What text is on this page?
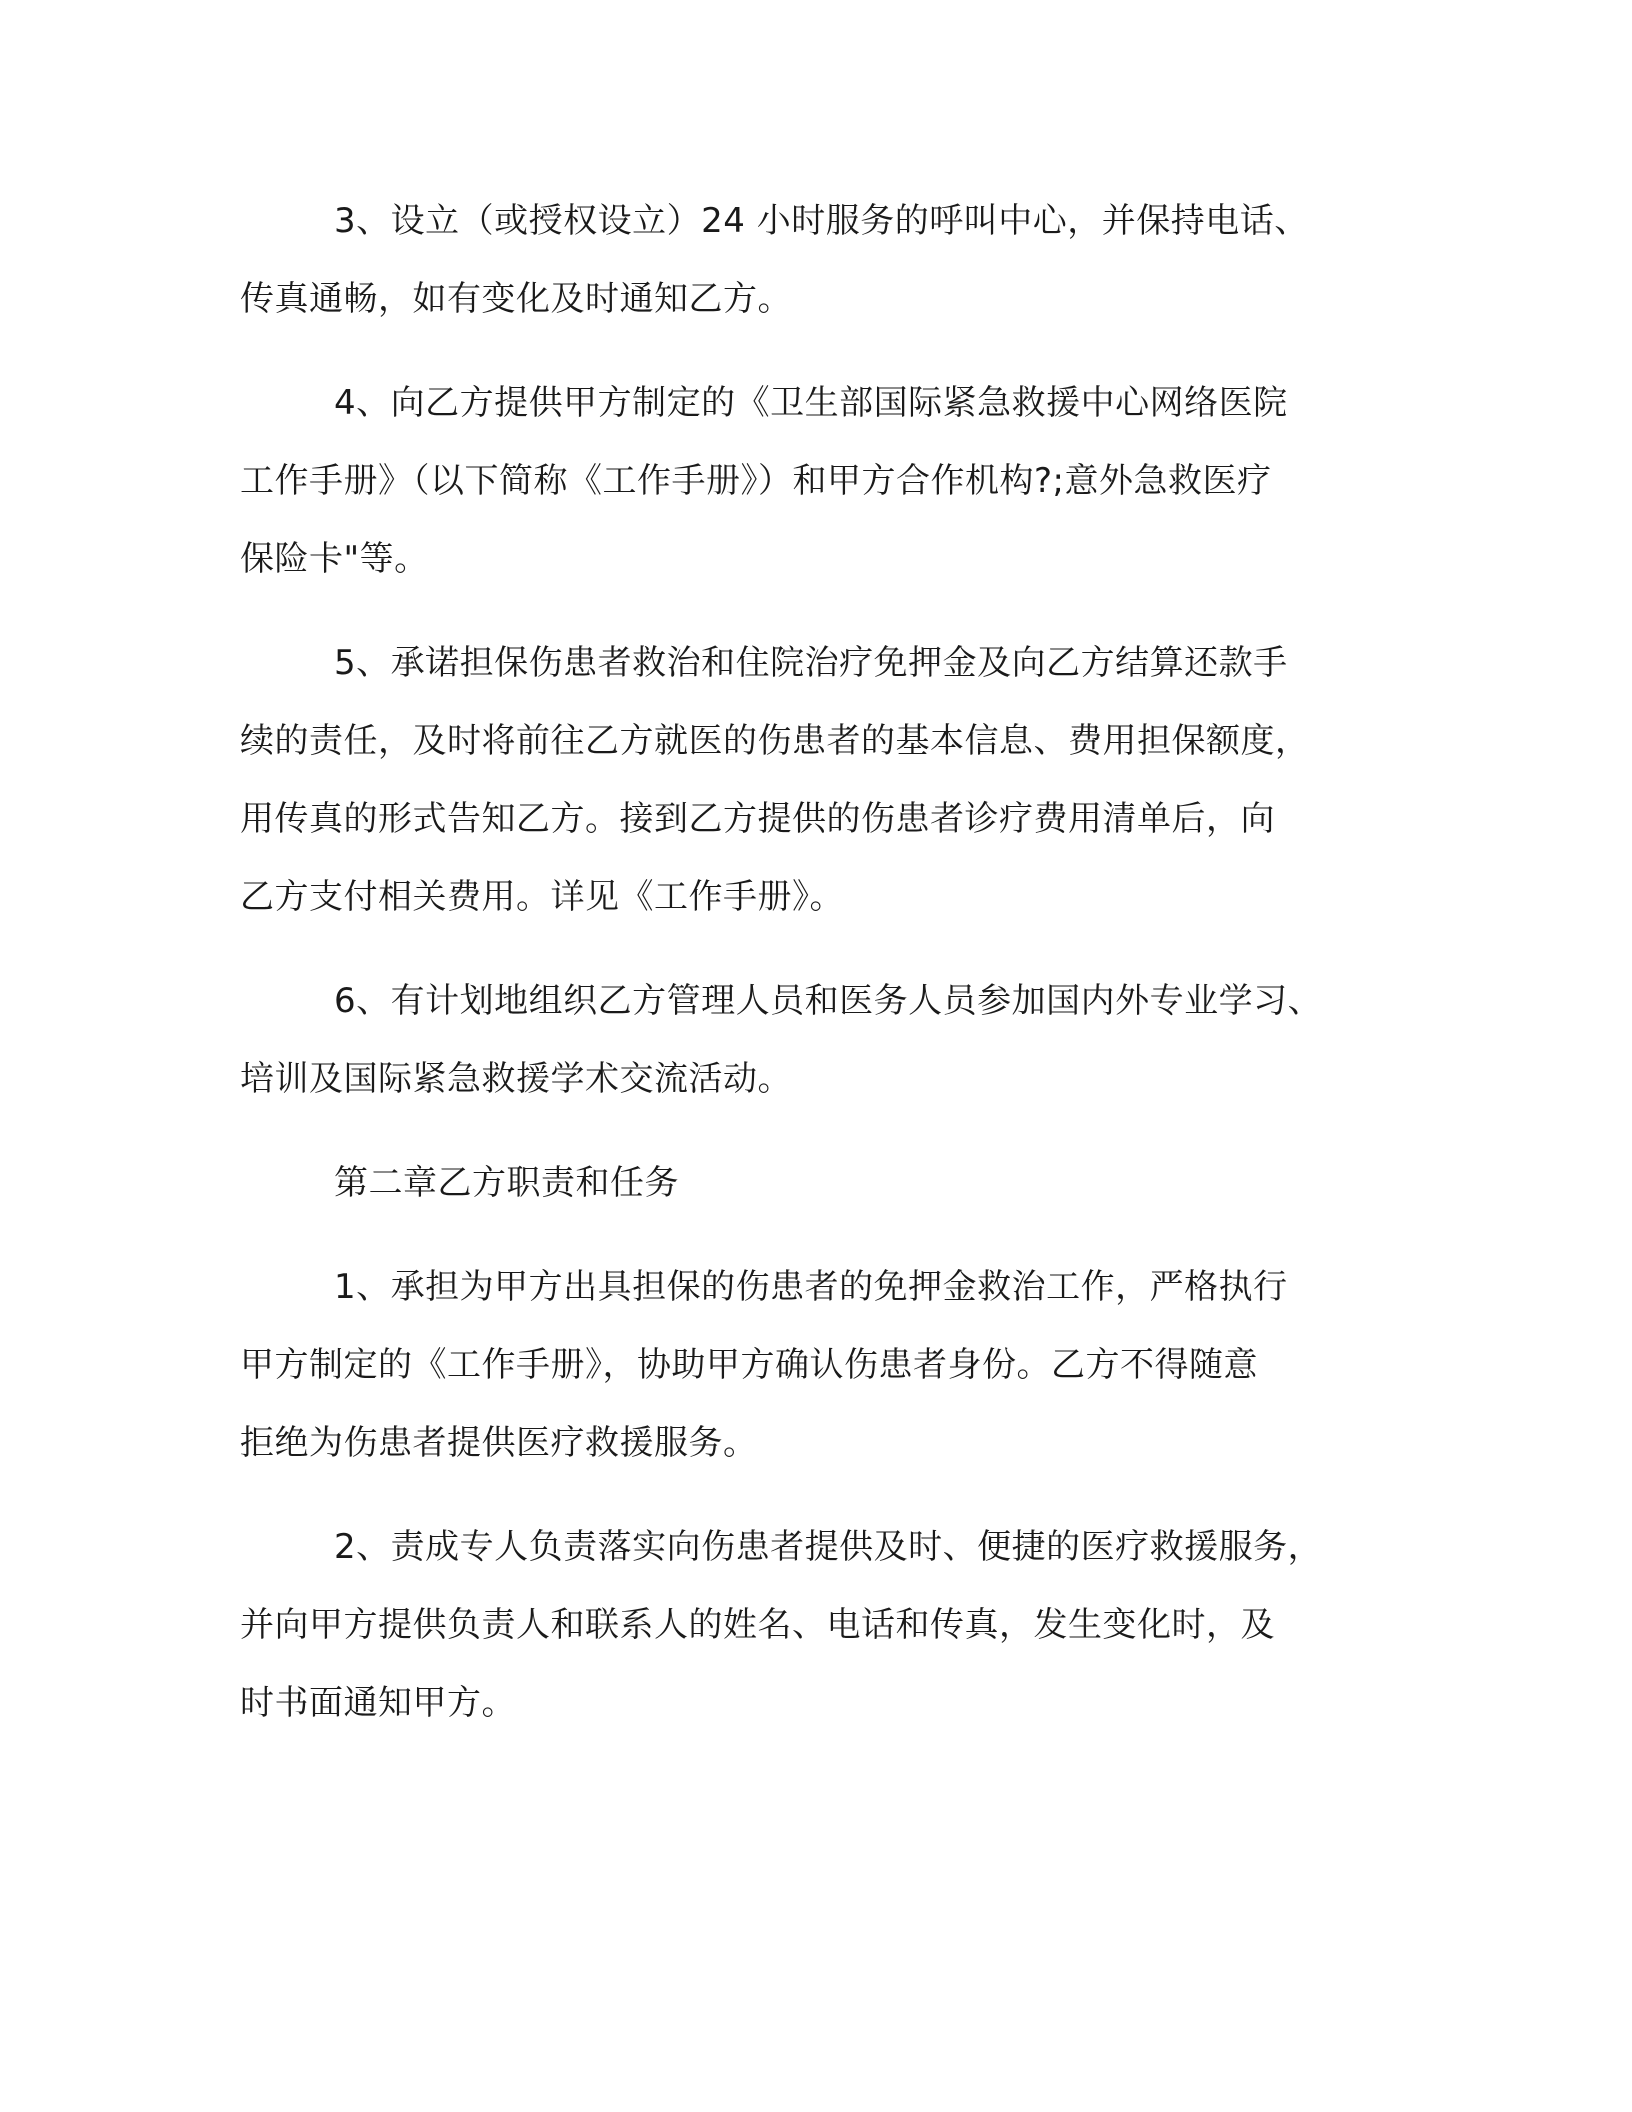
3、设立（或授权设立）24 小时服务的呼叫中心，并保持电话、
传真通畅，如有变化及时通知乙方。
4、向乙方提供甲方制定的《卫生部国际紧急救援中心网络医院
工作手册》（以下简称《工作手册》）和甲方合作机构?;意外急救医疗
保险卡"等。
5、承诺担保伤患者救治和住院治疗免押金及向乙方结算还款手
续的责任，及时将前往乙方就医的伤患者的基本信息、费用担保额度，
用传真的形式告知乙方。接到乙方提供的伤患者诊疗费用清单后，向
乙方支付相关费用。详见《工作手册》。
6、有计划地组织乙方管理人员和医务人员参加国内外专业学习、
培训及国际紧急救援学术交流活动。
第二章乙方职责和任务
1、承担为甲方出具担保的伤患者的免押金救治工作，严格执行
甲方制定的《工作手册》，协助甲方确认伤患者身份。乙方不得随意
拒绝为伤患者提供医疗救援服务。
2、责成专人负责落实向伤患者提供及时、便捷的医疗救援服务，
并向甲方提供负责人和联系人的姓名、电话和传真，发生变化时，及
时书面通知甲方。
